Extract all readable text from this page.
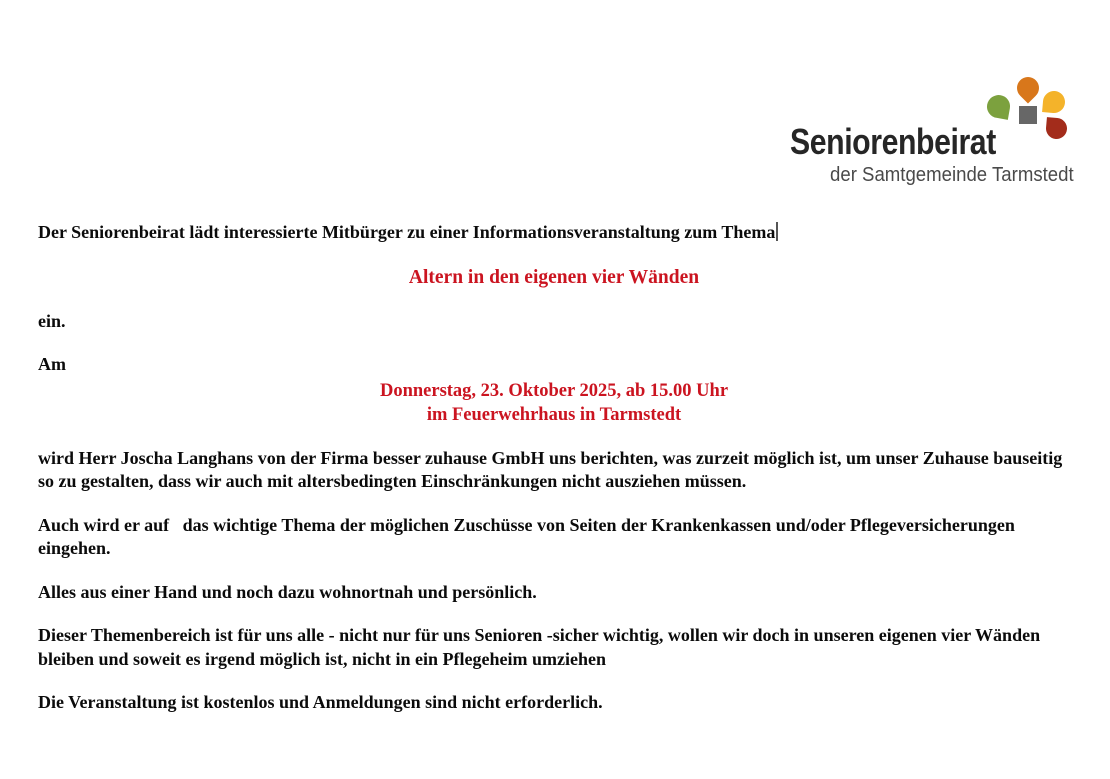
Seniorenbeirat
der Samtgemeinde Tarmstedt

Der Seniorenbeirat lädt interessierte Mitbürger zu einer Informationsveranstaltung zum Thema

Altern in den eigenen vier Wänden

ein.

Am

Donnerstag, 23. Oktober 2025, ab 15.00 Uhr
im Feuerwehrhaus in Tarmstedt

wird Herr Joscha Langhans von der Firma besser zuhause GmbH uns berichten, was zurzeit möglich ist, um unser Zuhause bauseitig so zu gestalten, dass wir auch mit altersbedingten Einschränkungen nicht ausziehen müssen.

Auch wird er auf   das wichtige Thema der möglichen Zuschüsse von Seiten der Krankenkassen und/oder Pflegeversicherungen eingehen.

Alles aus einer Hand und noch dazu wohnortnah und persönlich.

Dieser Themenbereich ist für uns alle - nicht nur für uns Senioren -sicher wichtig, wollen wir doch in unseren eigenen vier Wänden bleiben und soweit es irgend möglich ist, nicht in ein Pflegeheim umziehen

Die Veranstaltung ist kostenlos und Anmeldungen sind nicht erforderlich.
